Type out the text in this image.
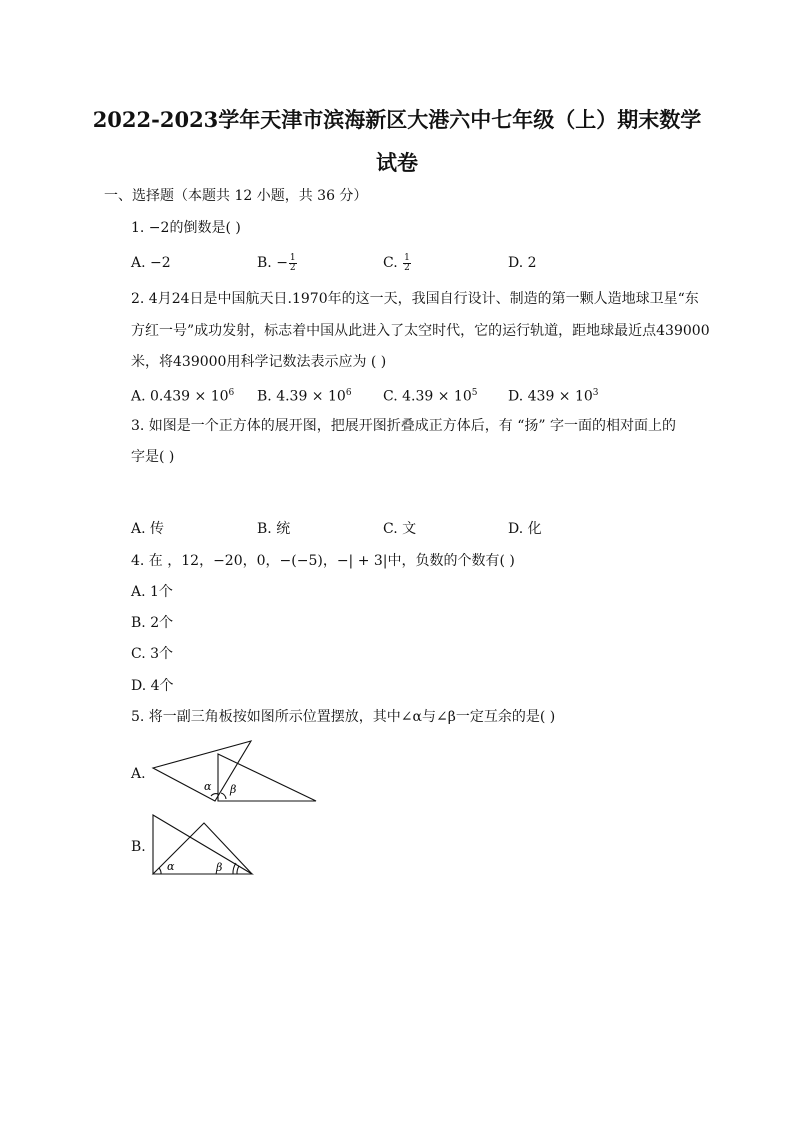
2022-2023学年天津市滨海新区大港六中七年级（上）期末数学
试卷
一、选择题（本题共 12 小题，共 36 分）
1. −2的倒数是( )
A. −2	B. − $\frac{1}{2}$	C. $\frac{1}{2}$	D. 2
2. 4月24日是中国航天日.1970年的这一天，我国自行设计、制造的第一颗人造地球卫星“东
方红一号”成功发射，标志着中国从此进入了太空时代，它的运行轨道，距地球最近点439000
米，将439000用科学记数法表示应为 ( )
A. $0.439 \times 10^6$ B. $4.39 \times 10^6$ C. $4.39 \times 10^5$ D. $439 \times 10^3$
3. 如图是一个正方体的展开图，把展开图折叠成正方体后，有 “扬” 字一面的相对面上的
字是( )
A. 传	B. 统	C. 文	D. 化
4. 在 ，12，−20，0，−(−5)，−| + 3|中，负数的个数有( )
A. 1个
B. 2个
C. 3个
D. 4个
5. 将一副三角板按如图所示位置摆放，其中∠α与∠β一定互余的是( )
A.
α β
B.
α	β
